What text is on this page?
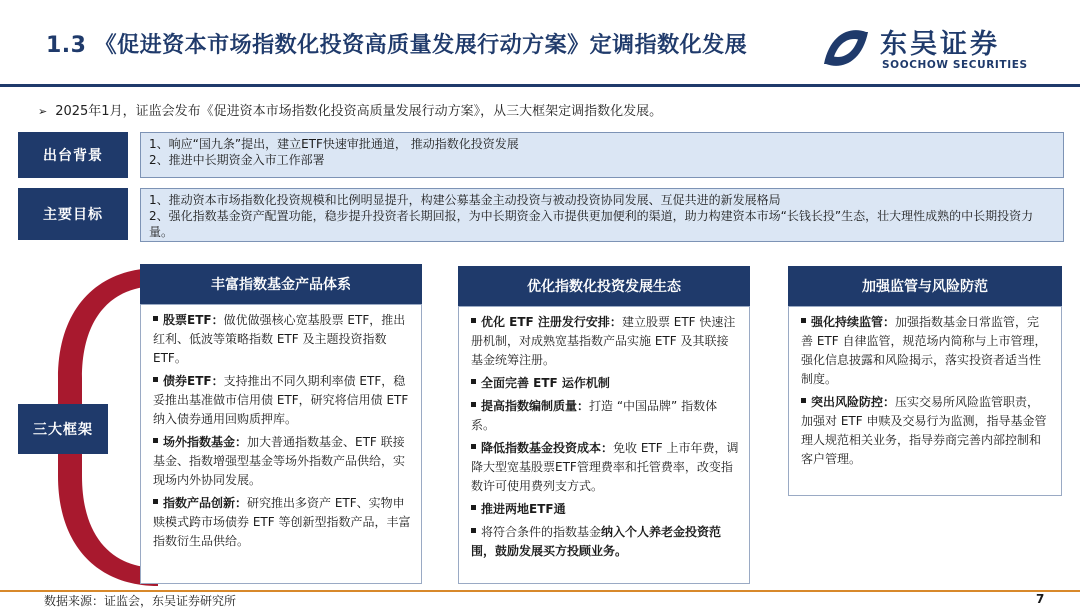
1.3 《促进资本市场指数化投资高质量发展行动方案》定调指数化发展	东吴证券
SOOCHOW SECURITIES
➢ 2025年1月，证监会发布《促进资本市场指数化投资高质量发展行动方案》，从三大框架定调指数化发展。
出台背景
1、响应“国九条”提出，建立ETF快速审批通道， 推动指数化投资发展
2、推进中长期资金入市工作部署
主要目标
1、推动资本市场指数化投资规模和比例明显提升，构建公募基金主动投资与被动投资协同发展、互促共进的新发展格局
2、强化指数基金资产配置功能，稳步提升投资者长期回报，为中长期资金入市提供更加便利的渠道，助力构建资本市场“长钱长投”生态，壮大理性成熟的中长期投资力量。
三大框架
丰富指数基金产品体系
股票ETF：做优做强核心宽基股票 ETF，推出红利、低波等策略指数 ETF 及主题投资指数 ETF。
债券ETF：支持推出不同久期利率债 ETF，稳妥推出基准做市信用债 ETF，研究将信用债 ETF 纳入债券通用回购质押库。
场外指数基金：加大普通指数基金、ETF 联接基金、指数增强型基金等场外指数产品供给，实现场内外协同发展。
指数产品创新：研究推出多资产 ETF、实物申赎模式跨市场债券 ETF 等创新型指数产品，丰富指数衍生品供给。
优化指数化投资发展生态
优化 ETF 注册发行安排：建立股票 ETF 快速注册机制，对成熟宽基指数产品实施 ETF 及其联接基金统筹注册。
全面完善 ETF 运作机制
提高指数编制质量：打造 “中国品牌” 指数体系。
降低指数基金投资成本：免收 ETF 上市年费，调降大型宽基股票ETF管理费率和托管费率，改变指数许可使用费列支方式。
推进两地ETF通
将符合条件的指数基金纳入个人养老金投资范围，鼓励发展买方投顾业务。
加强监管与风险防范
强化持续监管：加强指数基金日常监管，完善 ETF 自律监管，规范场内简称与上市管理，强化信息披露和风险揭示，落实投资者适当性制度。
突出风险防控：压实交易所风险监管职责，加强对 ETF 申赎及交易行为监测，指导基金管理人规范相关业务，指导券商完善内部控制和客户管理。
数据来源：证监会，东吴证券研究所	7
